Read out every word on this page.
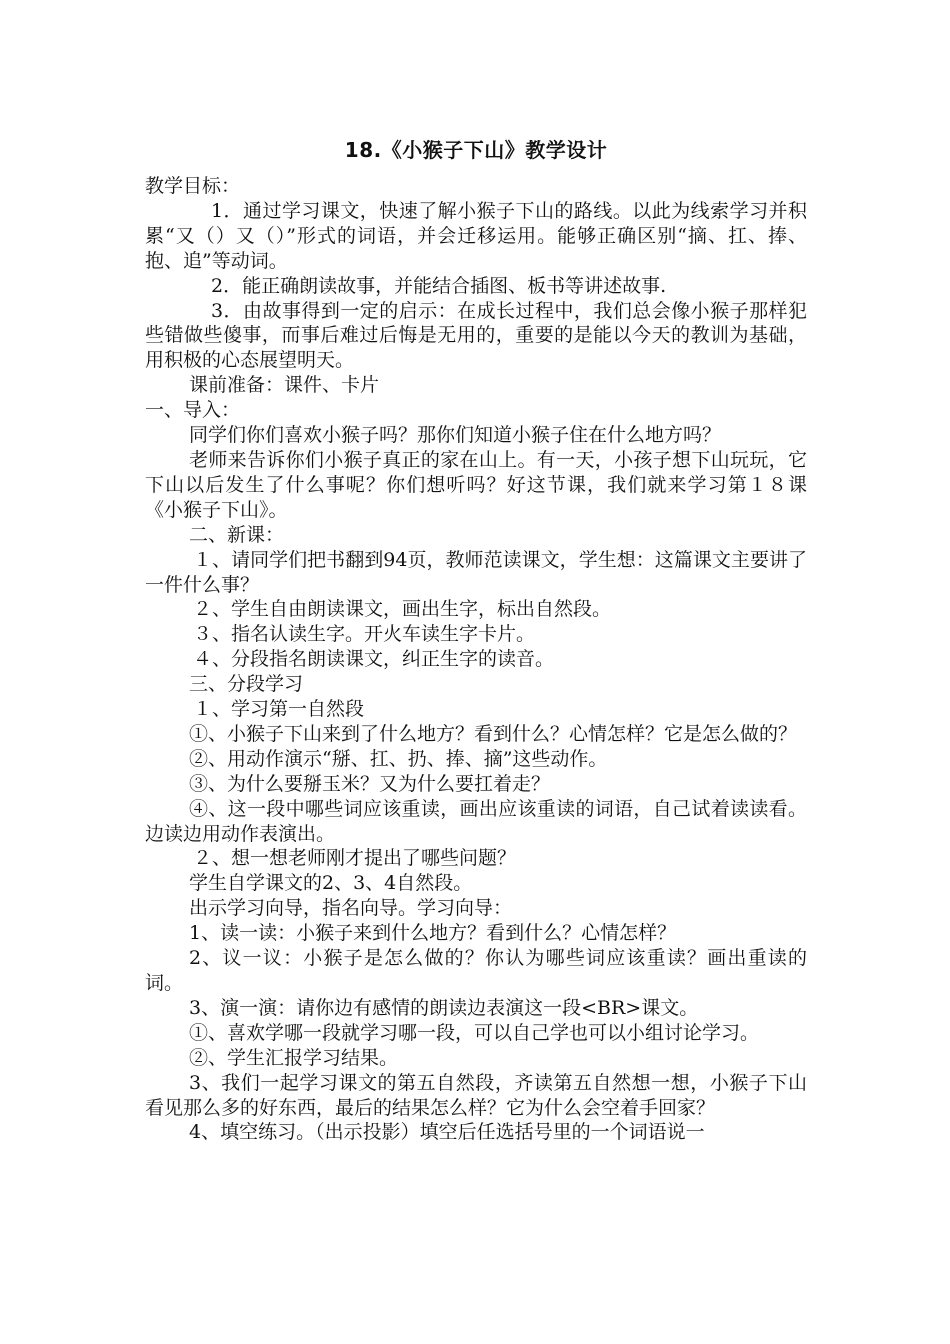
18.《小猴子下山》教学设计

教学目标：

1．通过学习课文，快速了解小猴子下山的路线。以此为线索学习并积累“又（）又（）”形式的词语，并会迁移运用。能够正确区别“摘、扛、捧、抱、追”等动词。

2．能正确朗读故事，并能结合插图、板书等讲述故事.

3．由故事得到一定的启示：在成长过程中，我们总会像小猴子那样犯些错做些傻事，而事后难过后悔是无用的，重要的是能以今天的教训为基础，用积极的心态展望明天。

课前准备：课件、卡片

一、导入：

同学们你们喜欢小猴子吗？那你们知道小猴子住在什么地方吗？

老师来告诉你们小猴子真正的家在山上。有一天，小孩子想下山玩玩，它下山以后发生了什么事呢？你们想听吗？好这节课，我们就来学习第１８课《小猴子下山》。

二、新课：

１、请同学们把书翻到94页，教师范读课文，学生想：这篇课文主要讲了一件什么事？

２、学生自由朗读课文，画出生字，标出自然段。

３、指名认读生字。开火车读生字卡片。

４、分段指名朗读课文，纠正生字的读音。

三、分段学习

１、学习第一自然段

①、小猴子下山来到了什么地方？看到什么？心情怎样？它是怎么做的？

②、用动作演示“掰、扛、扔、捧、摘”这些动作。

③、为什么要掰玉米？又为什么要扛着走？

④、这一段中哪些词应该重读，画出应该重读的词语，自己试着读读看。边读边用动作表演出。

２、想一想老师刚才提出了哪些问题？

学生自学课文的2、3、4自然段。

出示学习向导，指名向导。学习向导：

1、读一读：小猴子来到什么地方？看到什么？心情怎样？

2、议一议：小猴子是怎么做的？你认为哪些词应该重读？画出重读的词。

3、演一演：请你边有感情的朗读边表演这一段<BR>课文。

①、喜欢学哪一段就学习哪一段，可以自己学也可以小组讨论学习。

②、学生汇报学习结果。

3、我们一起学习课文的第五自然段，齐读第五自然想一想，小猴子下山看见那么多的好东西，最后的结果怎么样？它为什么会空着手回家？

4、填空练习。（出示投影）填空后任选括号里的一个词语说一
